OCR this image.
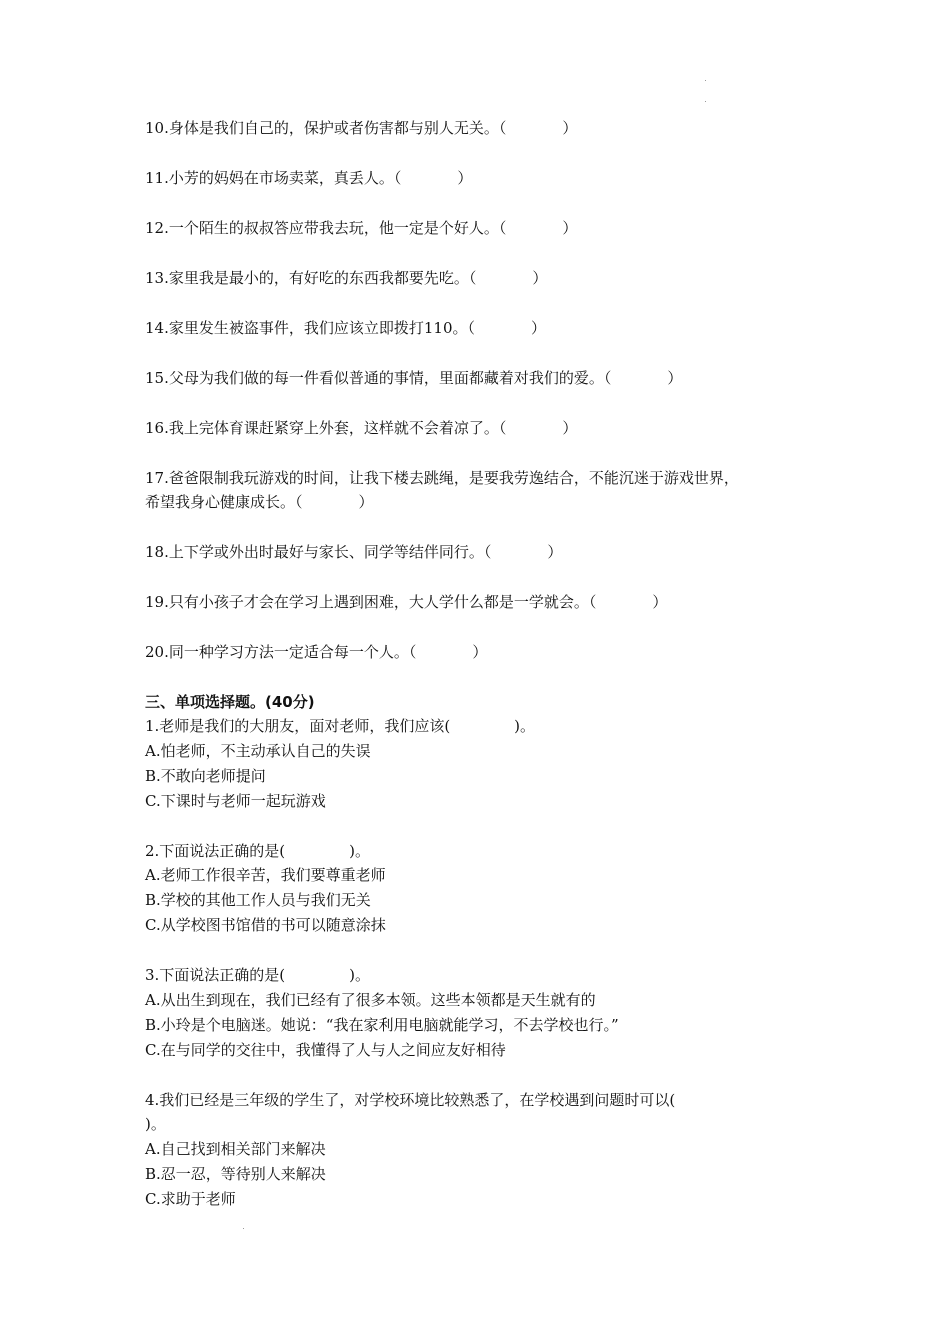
10.身体是我们自己的，保护或者伤害都与别人无关。（	）
11.小芳的妈妈在市场卖菜，真丢人。（	）
12.一个陌生的叔叔答应带我去玩，他一定是个好人。（	）
13.家里我是最小的，有好吃的东西我都要先吃。（	）
14.家里发生被盗事件，我们应该立即拨打110。（	）
15.父母为我们做的每一件看似普通的事情，里面都藏着对我们的爱。（	）
16.我上完体育课赶紧穿上外套，这样就不会着凉了。（	）
17.爸爸限制我玩游戏的时间，让我下楼去跳绳，是要我劳逸结合，不能沉迷于游戏世界，
希望我身心健康成长。（	）
18.上下学或外出时最好与家长、同学等结伴同行。（	）
19.只有小孩子才会在学习上遇到困难，大人学什么都是一学就会。（	）
20.同一种学习方法一定适合每一个人。（	）
三、单项选择题。(40分)
1.老师是我们的大朋友，面对老师，我们应该(	)。
A.怕老师，不主动承认自己的失误
B.不敢向老师提问
C.下课时与老师一起玩游戏
2.下面说法正确的是(	)。
A.老师工作很辛苦，我们要尊重老师
B.学校的其他工作人员与我们无关
C.从学校图书馆借的书可以随意涂抹
3.下面说法正确的是(	)。
A.从出生到现在，我们已经有了很多本领。这些本领都是天生就有的
B.小玲是个电脑迷。她说：“我在家利用电脑就能学习，不去学校也行。”
C.在与同学的交往中，我懂得了人与人之间应友好相待
4.我们已经是三年级的学生了，对学校环境比较熟悉了，在学校遇到问题时可以(
)。
A.自己找到相关部门来解决
B.忍一忍，等待别人来解决
C.求助于老师
